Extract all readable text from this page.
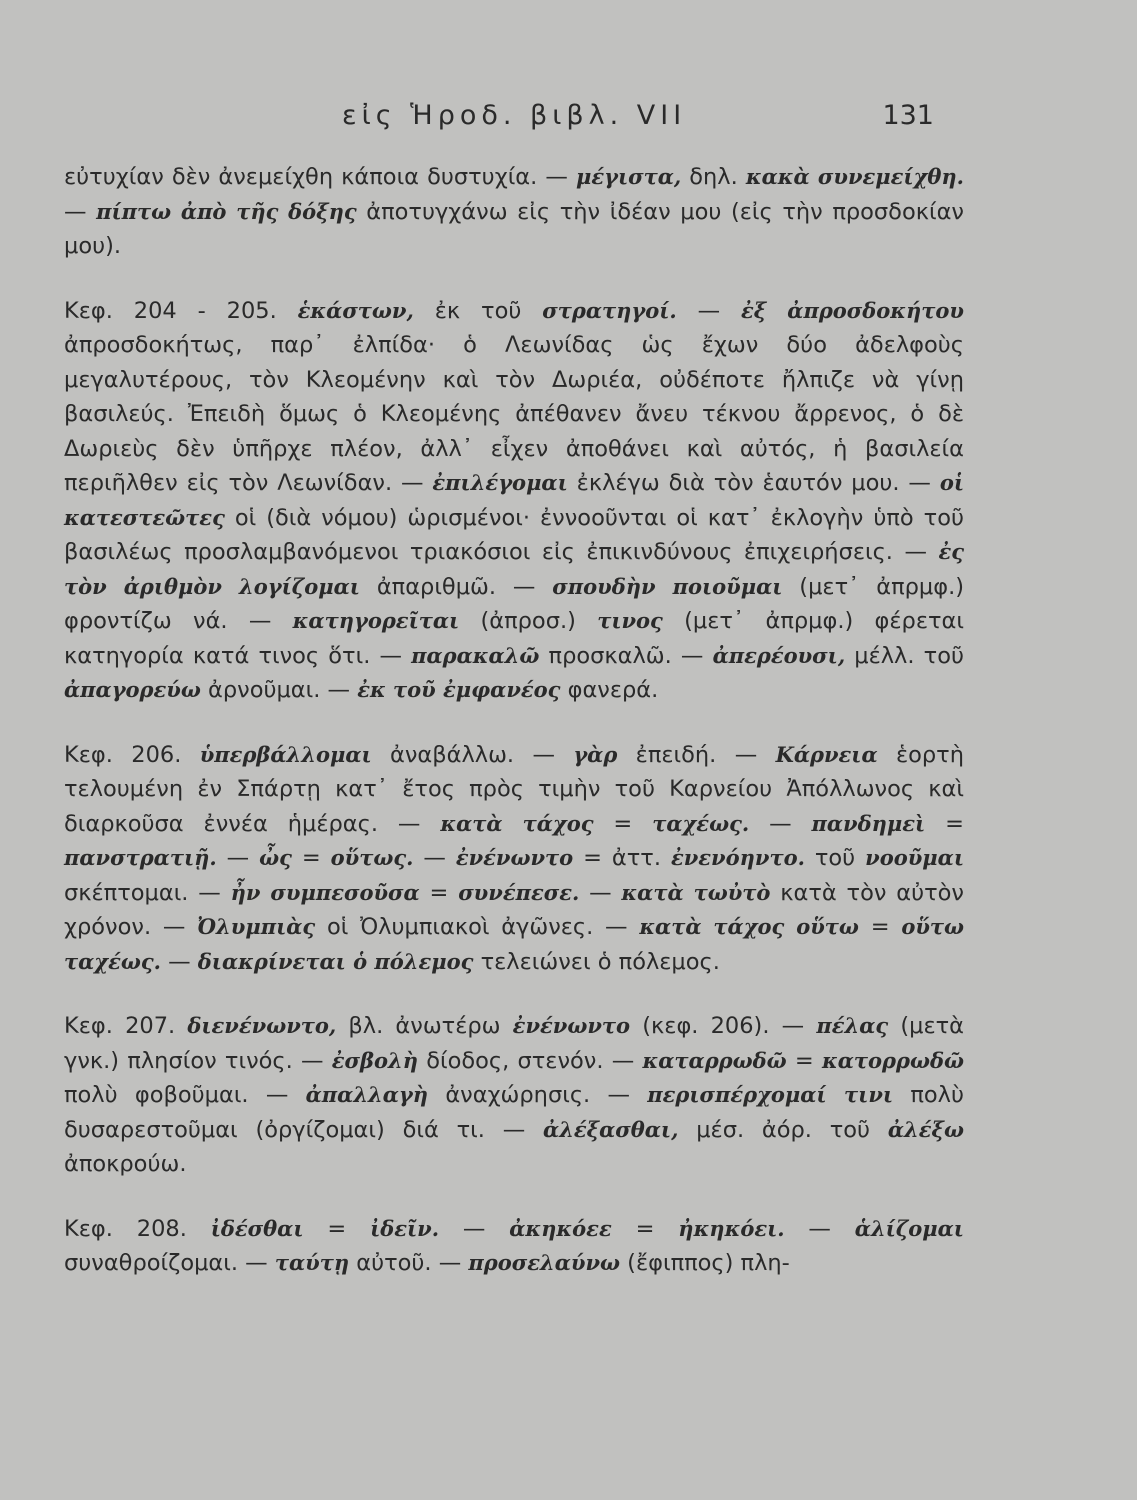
εἰς Ἡροδ. βιβλ. VII	131

εὐτυχίαν δὲν ἀνεμείχθη κάποια δυστυχία. — μέγιστα, δηλ. κακὰ συνεμείχθη. — πίπτω ἀπὸ τῆς δόξης ἀποτυγχάνω εἰς τὴν ἰδέαν μου (εἰς τὴν προσδοκίαν μου).

Κεφ. 204 - 205. ἑκάστων, ἐκ τοῦ στρατηγοί. — ἐξ ἀπροσδοκήτου ἀπροσδοκήτως, παρ᾽ ἐλπίδα· ὁ Λεωνίδας ὡς ἔχων δύο ἀδελφοὺς μεγαλυτέρους, τὸν Κλεομένην καὶ τὸν Δωριέα, οὐδέποτε ἤλπιζε νὰ γίνῃ βασιλεύς. Ἐπειδὴ ὅμως ὁ Κλεομένης ἀπέθανεν ἄνευ τέκνου ἄρρενος, ὁ δὲ Δωριεὺς δὲν ὑπῆρχε πλέον, ἀλλ᾽ εἶχεν ἀποθάνει καὶ αὐτός, ἡ βασιλεία περιῆλθεν εἰς τὸν Λεωνίδαν. — ἐπιλέγομαι ἐκλέγω διὰ τὸν ἑαυτόν μου. — οἱ κατεστεῶτες οἱ (διὰ νόμου) ὡρισμένοι· ἐννοοῦνται οἱ κατ᾽ ἐκλογὴν ὑπὸ τοῦ βασιλέως προσλαμβανόμενοι τριακόσιοι εἰς ἐπικινδύνους ἐπιχειρήσεις. — ἐς τὸν ἀριθμὸν λογίζομαι ἀπαριθμῶ. — σπουδὴν ποιοῦμαι (μετ᾽ ἀπρμφ.) φροντίζω νά. — κατηγορεῖται (ἀπροσ.) τινος (μετ᾽ ἀπρμφ.) φέρεται κατηγορία κατά τινος ὅτι. — παρακαλῶ προσκαλῶ. — ἀπερέουσι, μέλλ. τοῦ ἀπαγορεύω ἀρνοῦμαι. — ἐκ τοῦ ἐμφανέος φανερά.

Κεφ. 206. ὑπερβάλλομαι ἀναβάλλω. — γὰρ ἐπειδή. — Κάρνεια ἑορτὴ τελουμένη ἐν Σπάρτῃ κατ᾽ ἔτος πρὸς τιμὴν τοῦ Καρνείου Ἀπόλλωνος καὶ διαρκοῦσα ἐννέα ἡμέρας. — κατὰ τάχος = ταχέως. — πανδημεὶ = πανστρατιῇ. — ὦς = οὕτως. — ἐνένωντο = ἀττ. ἐνενόηντο. τοῦ νοοῦμαι σκέπτομαι. — ἦν συμπεσοῦσα = συνέπεσε. — κατὰ τωὐτὸ κατὰ τὸν αὐτὸν χρόνον. — Ὀλυμπιὰς οἱ Ὀλυμπιακοὶ ἀγῶνες. — κατὰ τάχος οὕτω = οὕτω ταχέως. — διακρίνεται ὁ πόλεμος τελειώνει ὁ πόλεμος.

Κεφ. 207. διενένωντο, βλ. ἀνωτέρω ἐνένωντο (κεφ. 206). — πέλας (μετὰ γνκ.) πλησίον τινός. — ἐσβολὴ δίοδος, στενόν. — καταρρωδῶ = κατορρωδῶ πολὺ φοβοῦμαι. — ἀπαλλαγὴ ἀναχώρησις. — περισπέρχομαί τινι πολὺ δυσαρεστοῦμαι (ὀργίζομαι) διά τι. — ἀλέξασθαι, μέσ. ἀόρ. τοῦ ἀλέξω ἀποκρούω.

Κεφ. 208. ἰδέσθαι = ἰδεῖν. — ἀκηκόεε = ἠκηκόει. — ἁλίζομαι συναθροίζομαι. — ταύτῃ αὐτοῦ. — προσελαύνω (ἔφιππος) πλη-
